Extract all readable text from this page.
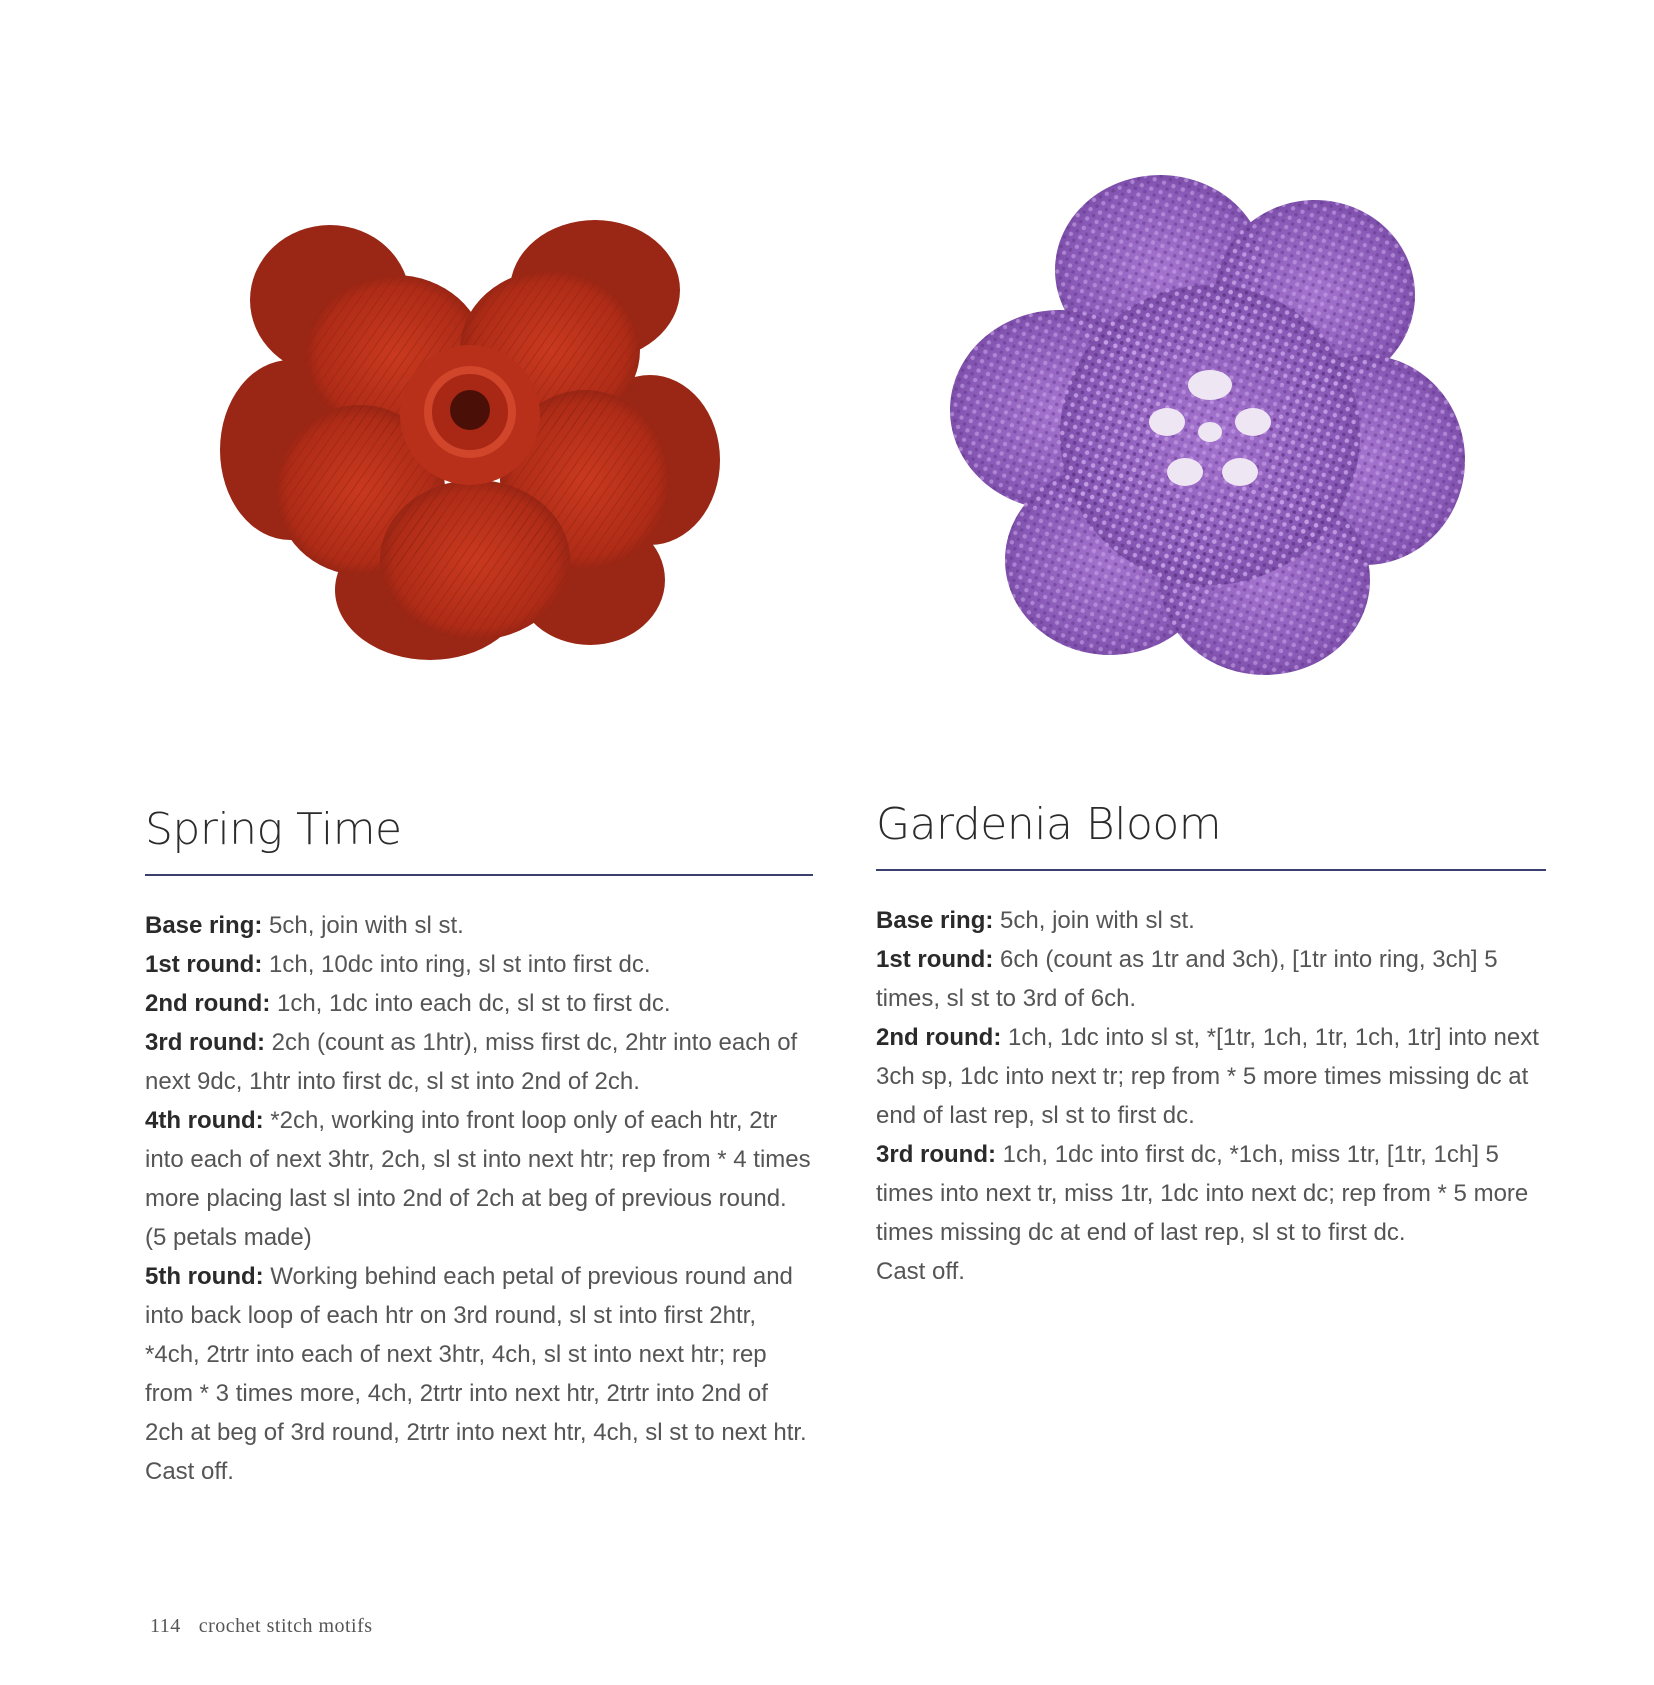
Spring Time

Base ring: 5ch, join with sl st.
1st round: 1ch, 10dc into ring, sl st into first dc.
2nd round: 1ch, 1dc into each dc, sl st to first dc.
3rd round: 2ch (count as 1htr), miss first dc, 2htr into each of next 9dc, 1htr into first dc, sl st into 2nd of 2ch.
4th round: *2ch, working into front loop only of each htr, 2tr into each of next 3htr, 2ch, sl st into next htr; rep from * 4 times more placing last sl into 2nd of 2ch at beg of previous round. (5 petals made)
5th round: Working behind each petal of previous round and into back loop of each htr on 3rd round, sl st into first 2htr, *4ch, 2trtr into each of next 3htr, 4ch, sl st into next htr; rep from * 3 times more, 4ch, 2trtr into next htr, 2trtr into 2nd of 2ch at beg of 3rd round, 2trtr into next htr, 4ch, sl st to next htr.
Cast off.

Gardenia Bloom

Base ring: 5ch, join with sl st.
1st round: 6ch (count as 1tr and 3ch), [1tr into ring, 3ch] 5 times, sl st to 3rd of 6ch.
2nd round: 1ch, 1dc into sl st, *[1tr, 1ch, 1tr, 1ch, 1tr] into next 3ch sp, 1dc into next tr; rep from * 5 more times missing dc at end of last rep, sl st to first dc.
3rd round: 1ch, 1dc into first dc, *1ch, miss 1tr, [1tr, 1ch] 5 times into next tr, miss 1tr, 1dc into next dc; rep from * 5 more times missing dc at end of last rep, sl st to first dc.
Cast off.

114 crochet stitch motifs
